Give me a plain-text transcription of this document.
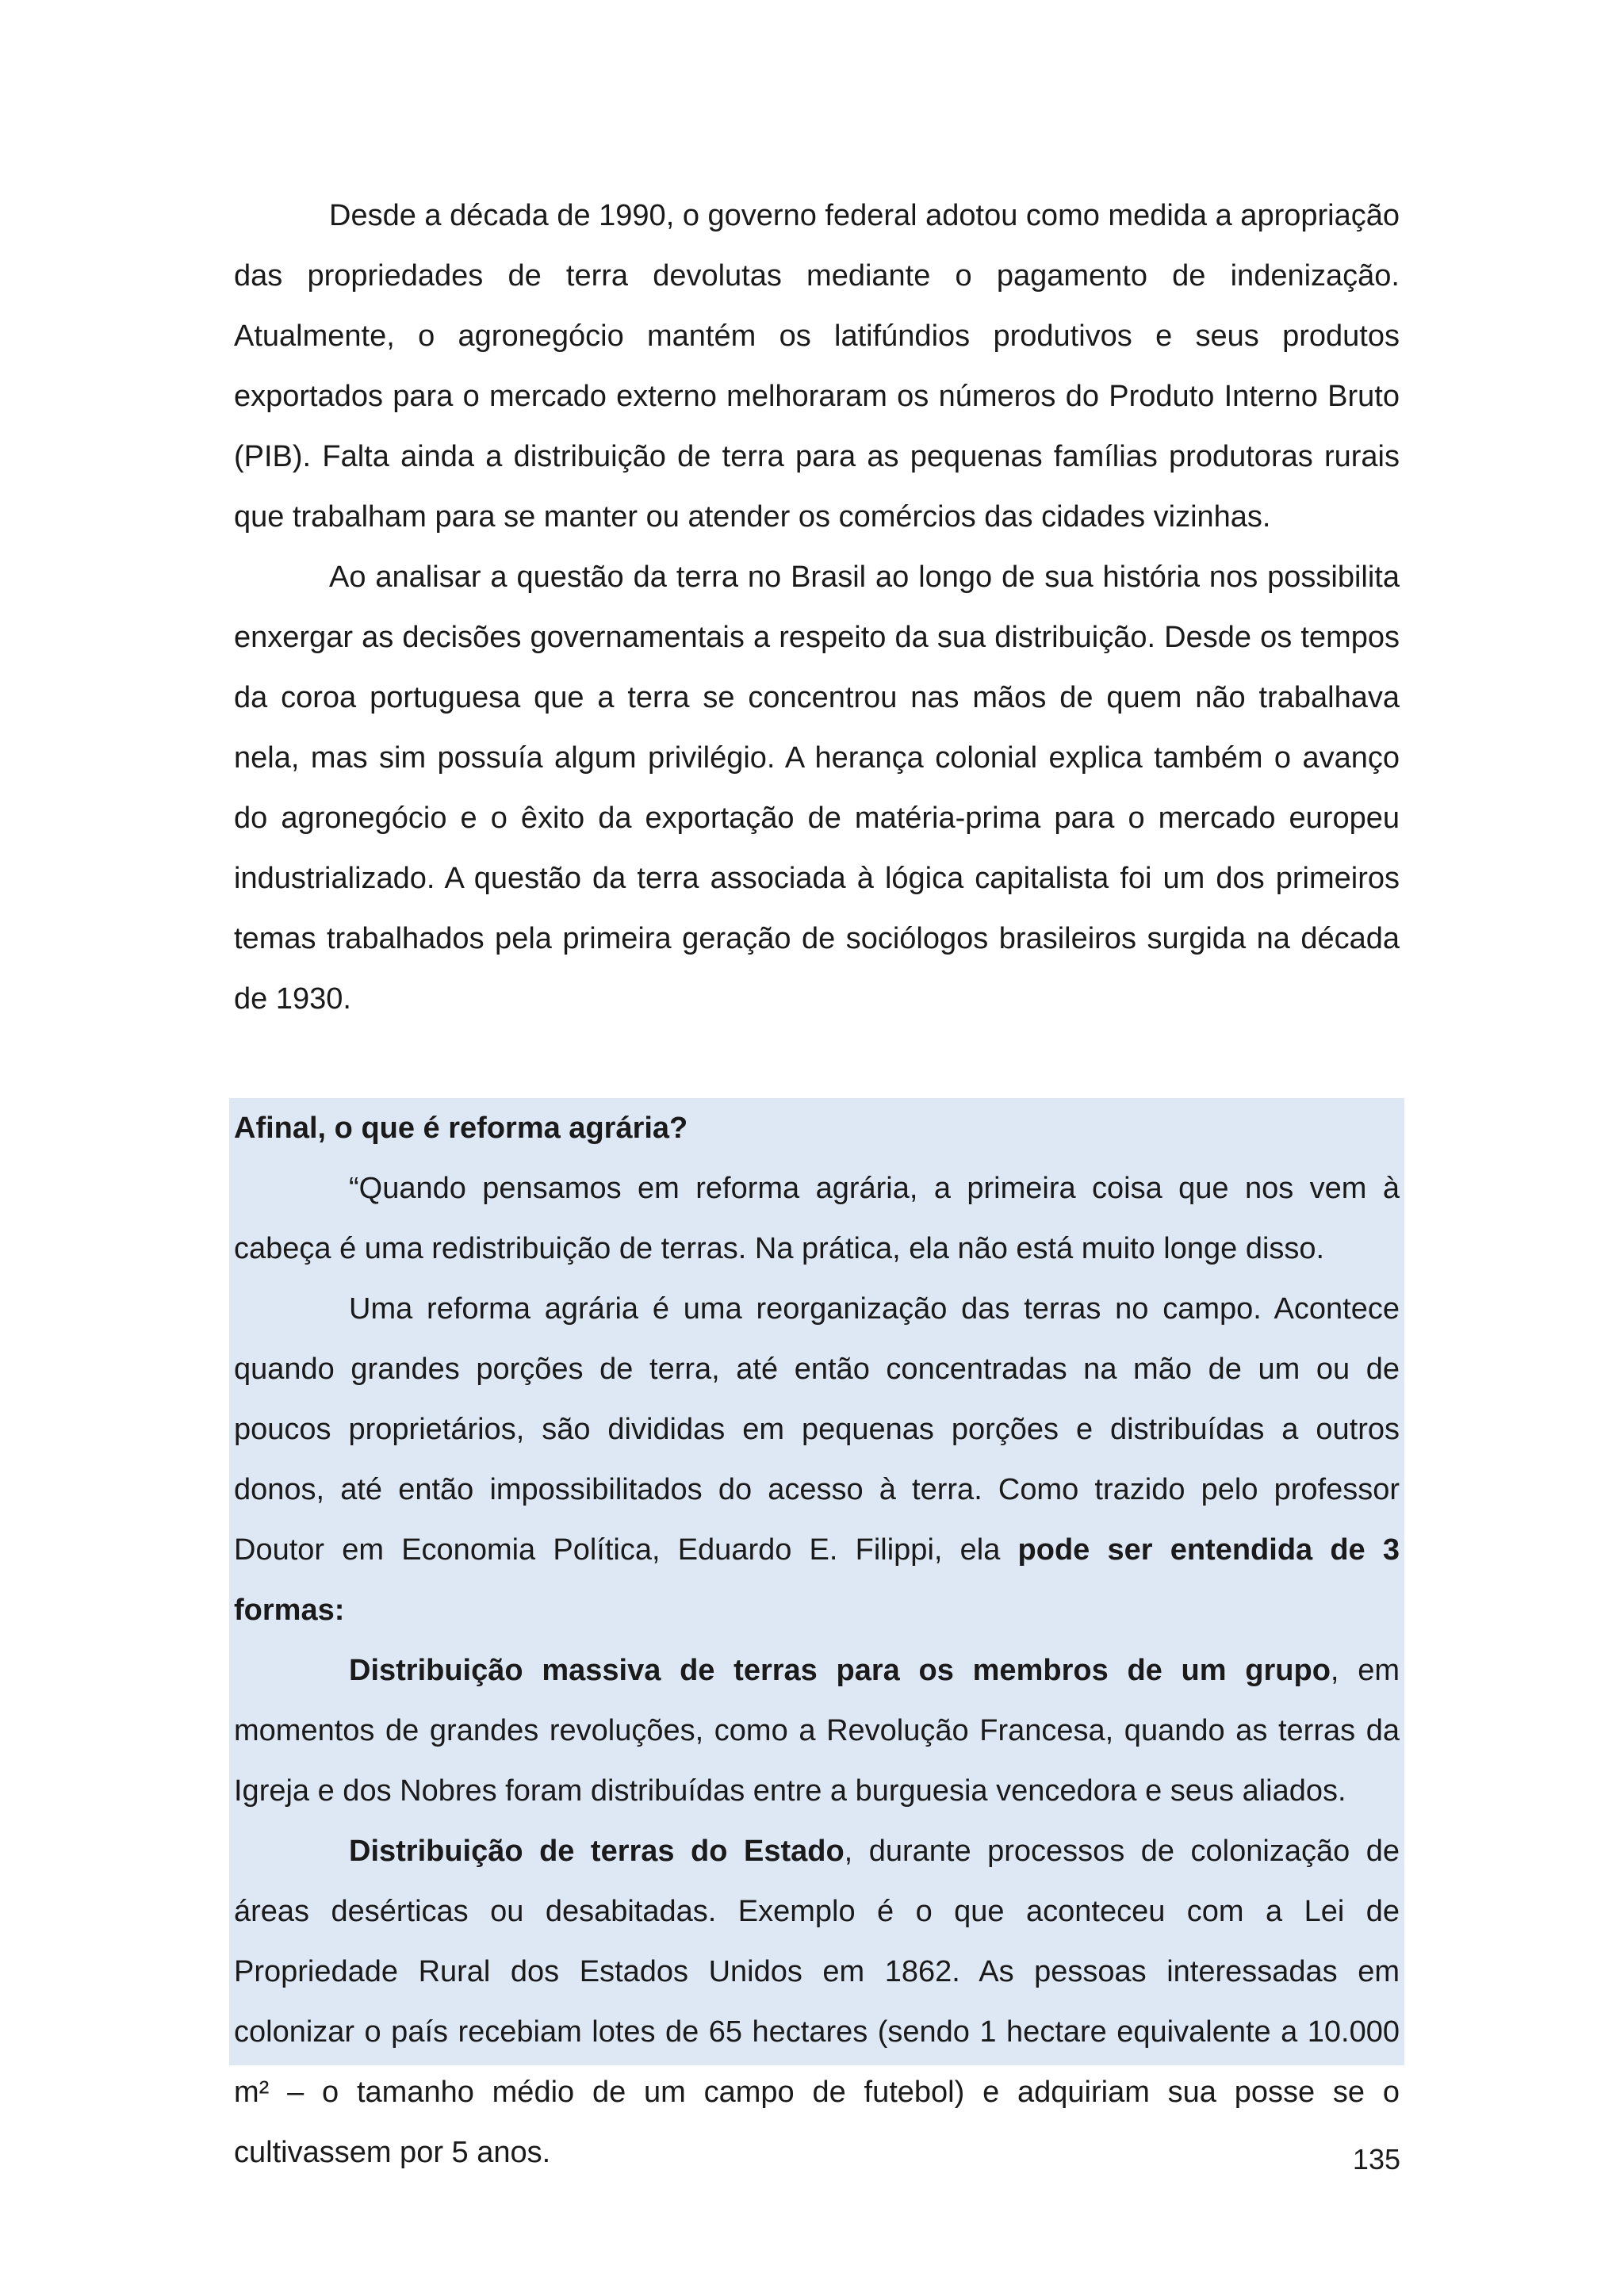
Desde a década de 1990, o governo federal adotou como medida a apropriação das propriedades de terra devolutas mediante o pagamento de indenização. Atualmente, o agronegócio mantém os latifúndios produtivos e seus produtos exportados para o mercado externo melhoraram os números do Produto Interno Bruto (PIB). Falta ainda a distribuição de terra para as pequenas famílias produtoras rurais que trabalham para se manter ou atender os comércios das cidades vizinhas.

Ao analisar a questão da terra no Brasil ao longo de sua história nos possibilita enxergar as decisões governamentais a respeito da sua distribuição. Desde os tempos da coroa portuguesa que a terra se concentrou nas mãos de quem não trabalhava nela, mas sim possuía algum privilégio. A herança colonial explica também o avanço do agronegócio e o êxito da exportação de matéria-prima para o mercado europeu industrializado. A questão da terra associada à lógica capitalista foi um dos primeiros temas trabalhados pela primeira geração de sociólogos brasileiros surgida na década de 1930.

Afinal, o que é reforma agrária?

“Quando pensamos em reforma agrária, a primeira coisa que nos vem à cabeça é uma redistribuição de terras. Na prática, ela não está muito longe disso.

Uma reforma agrária é uma reorganização das terras no campo. Acontece quando grandes porções de terra, até então concentradas na mão de um ou de poucos proprietários, são divididas em pequenas porções e distribuídas a outros donos, até então impossibilitados do acesso à terra. Como trazido pelo professor Doutor em Economia Política, Eduardo E. Filippi, ela pode ser entendida de 3 formas:

Distribuição massiva de terras para os membros de um grupo, em momentos de grandes revoluções, como a Revolução Francesa, quando as terras da Igreja e dos Nobres foram distribuídas entre a burguesia vencedora e seus aliados.

Distribuição de terras do Estado, durante processos de colonização de áreas desérticas ou desabitadas. Exemplo é o que aconteceu com a Lei de Propriedade Rural dos Estados Unidos em 1862. As pessoas interessadas em colonizar o país recebiam lotes de 65 hectares (sendo 1 hectare equivalente a 10.000 m² – o tamanho médio de um campo de futebol) e adquiriam sua posse se o cultivassem por 5 anos.	135
